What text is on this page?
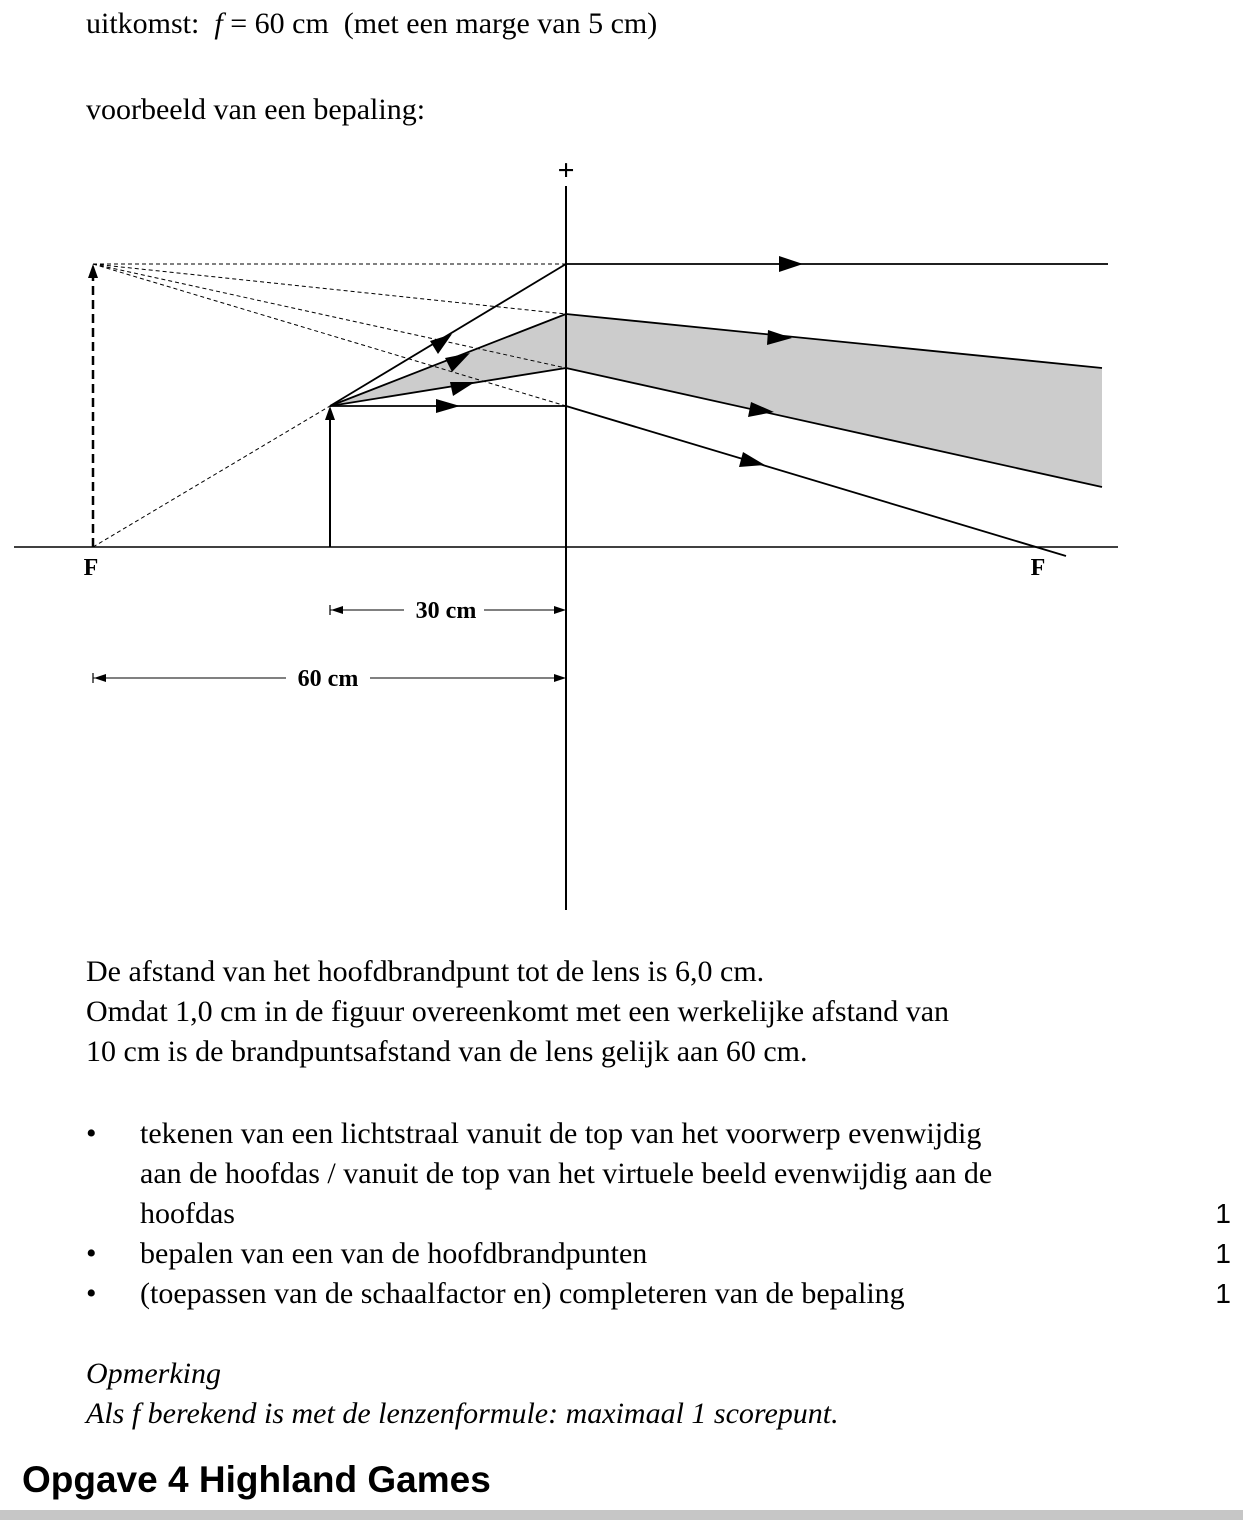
uitkomst: f = 60 cm (met een marge van 5 cm)
voorbeeld van een bepaling:
+
F	F
30 cm
60 cm
De afstand van het hoofdbrandpunt tot de lens is 6,0 cm.
Omdat 1,0 cm in de figuur overeenkomt met een werkelijke afstand van
10 cm is de brandpuntsafstand van de lens gelijk aan 60 cm.
• tekenen van een lichtstraal vanuit de top van het voorwerp evenwijdig
aan de hoofdas / vanuit de top van het virtuele beeld evenwijdig aan de
hoofdas	1
• bepalen van een van de hoofdbrandpunten	1
• (toepassen van de schaalfactor en) completeren van de bepaling	1
Opmerking
Als f berekend is met de lenzenformule: maximaal 1 scorepunt.
Opgave 4 Highland Games
